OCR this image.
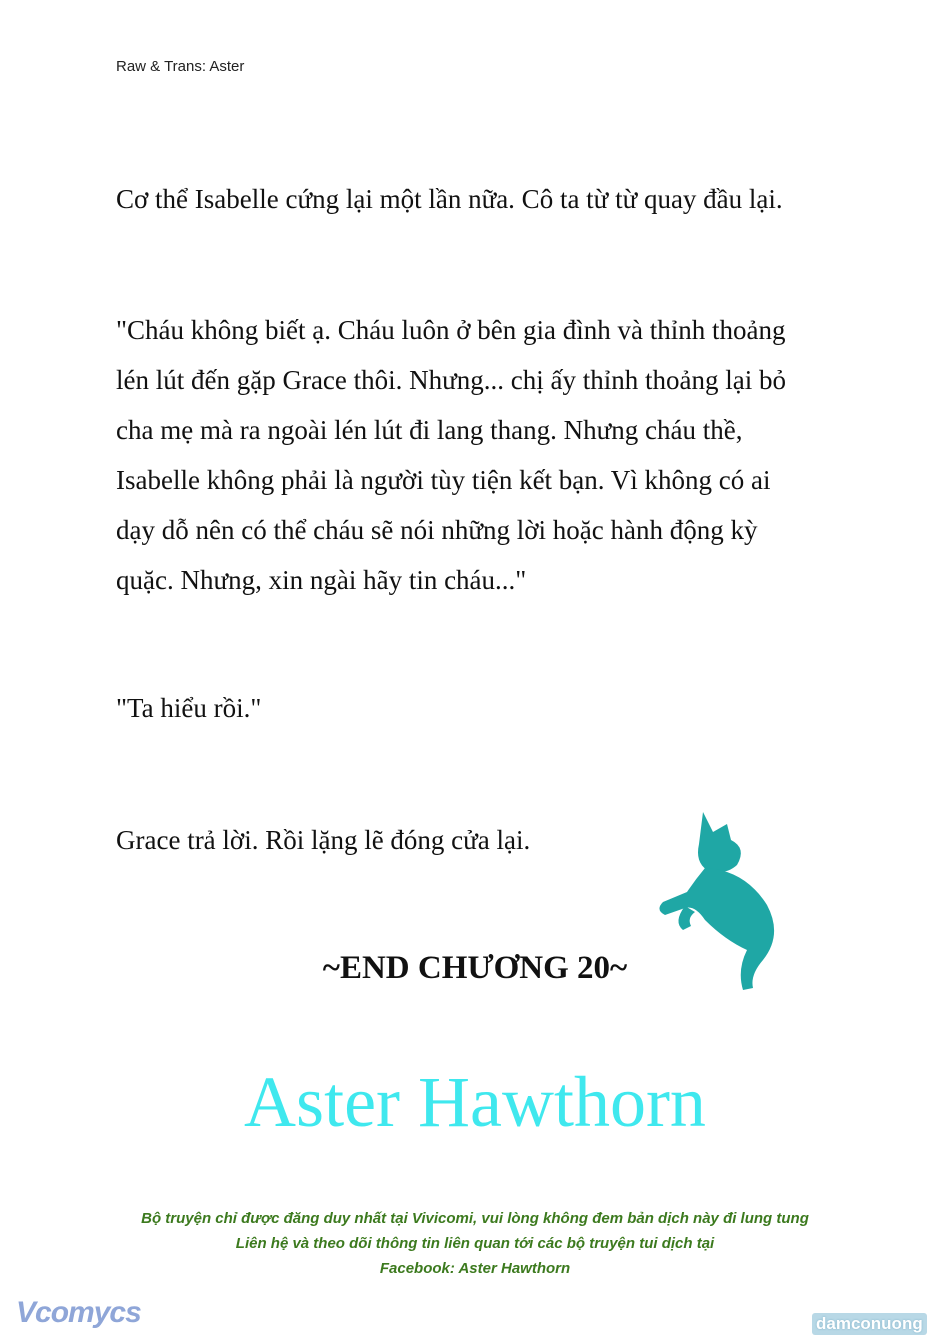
Raw & Trans: Aster
Cơ thể Isabelle cứng lại một lần nữa. Cô ta từ từ quay đầu lại.
"Cháu không biết ạ. Cháu luôn ở bên gia đình và thỉnh thoảng
lén lút đến gặp Grace thôi. Nhưng... chị ấy thỉnh thoảng lại bỏ
cha mẹ mà ra ngoài lén lút đi lang thang. Nhưng cháu thề,
Isabelle không phải là người tùy tiện kết bạn. Vì không có ai
dạy dỗ nên có thể cháu sẽ nói những lời hoặc hành động kỳ
quặc. Nhưng, xin ngài hãy tin cháu..."
"Ta hiểu rồi."
Grace trả lời. Rồi lặng lẽ đóng cửa lại.
~END CHƯƠNG 20~
Aster Hawthorn
Bộ truyện chỉ được đăng duy nhất tại Vivicomi, vui lòng không đem bản dịch này đi lung tung
Liên hệ và theo dõi thông tin liên quan tới các bộ truyện tui dịch tại
Facebook: Aster Hawthorn
Vcomycs	damconuong
